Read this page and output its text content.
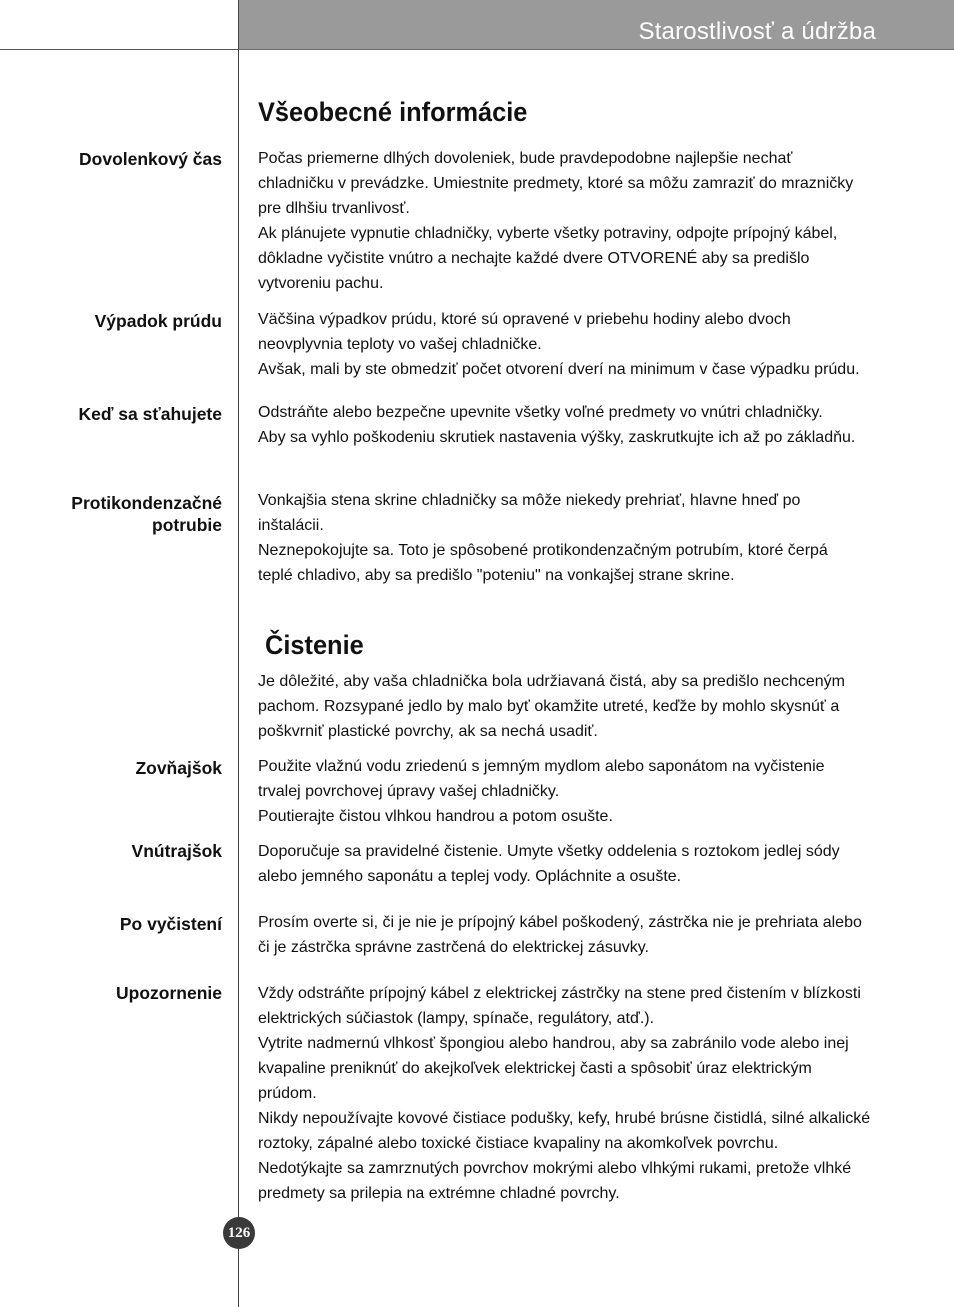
Starostlivosť a údržba
Všeobecné informácie
Dovolenkový čas Počas priemerne dlhých dovoleniek, bude pravdepodobne najlepšie nechať
chladničku v prevádzke. Umiestnite predmety, ktoré sa môžu zamraziť do mrazničky
pre dlhšiu trvanlivosť.
Ak plánujete vypnutie chladničky, vyberte všetky potraviny, odpojte prípojný kábel,
dôkladne vyčistite vnútro a nechajte každé dvere OTVORENÉ aby sa predišlo
vytvoreniu pachu.
Výpadok prúdu Väčšina výpadkov prúdu, ktoré sú opravené v priebehu hodiny alebo dvoch
neovplyvnia teploty vo vašej chladničke.
Avšak, mali by ste obmedziť počet otvorení dverí na minimum v čase výpadku prúdu.
Keď sa sťahujete Odstráňte alebo bezpečne upevnite všetky voľné predmety vo vnútri chladničky.
Aby sa vyhlo poškodeniu skrutiek nastavenia výšky, zaskrutkujte ich až po základňu.
Protikondenzačné
potrubie
Vonkajšia stena skrine chladničky sa môže niekedy prehriať, hlavne hneď po
inštalácii.
Neznepokojujte sa. Toto je spôsobené protikondenzačným potrubím, ktoré čerpá
teplé chladivo, aby sa predišlo "poteniu" na vonkajšej strane skrine.
Čistenie
Je dôležité, aby vaša chladnička bola udržiavaná čistá, aby sa predišlo nechceným
pachom. Rozsypané jedlo by malo byť okamžite utreté, keďže by mohlo skysnúť a
poškvrniť plastické povrchy, ak sa nechá usadiť.
Zovňajšok Použite vlažnú vodu zriedenú s jemným mydlom alebo saponátom na vyčistenie
trvalej povrchovej úpravy vašej chladničky.
Poutierajte čistou vlhkou handrou a potom osušte.
Vnútrajšok Doporučuje sa pravidelné čistenie. Umyte všetky oddelenia s roztokom jedlej sódy
alebo jemného saponátu a teplej vody. Opláchnite a osušte.
Po vyčistení Prosím overte si, či je nie je prípojný kábel poškodený, zástrčka nie je prehriata alebo
či je zástrčka správne zastrčená do elektrickej zásuvky.
Upozornenie Vždy odstráňte prípojný kábel z elektrickej zástrčky na stene pred čistením v blízkosti
elektrických súčiastok (lampy, spínače, regulátory, atď.).
Vytrite nadmernú vlhkosť špongiou alebo handrou, aby sa zabránilo vode alebo inej
kvapaline preniknúť do akejkoľvek elektrickej časti a spôsobiť úraz elektrickým
prúdom.
Nikdy nepoužívajte kovové čistiace podušky, kefy, hrubé brúsne čistidlá, silné alkalické
roztoky, zápalné alebo toxické čistiace kvapaliny na akomkoľvek povrchu.
Nedotýkajte sa zamrznutých povrchov mokrými alebo vlhkými rukami, pretože vlhké
predmety sa prilepia na extrémne chladné povrchy.
126
